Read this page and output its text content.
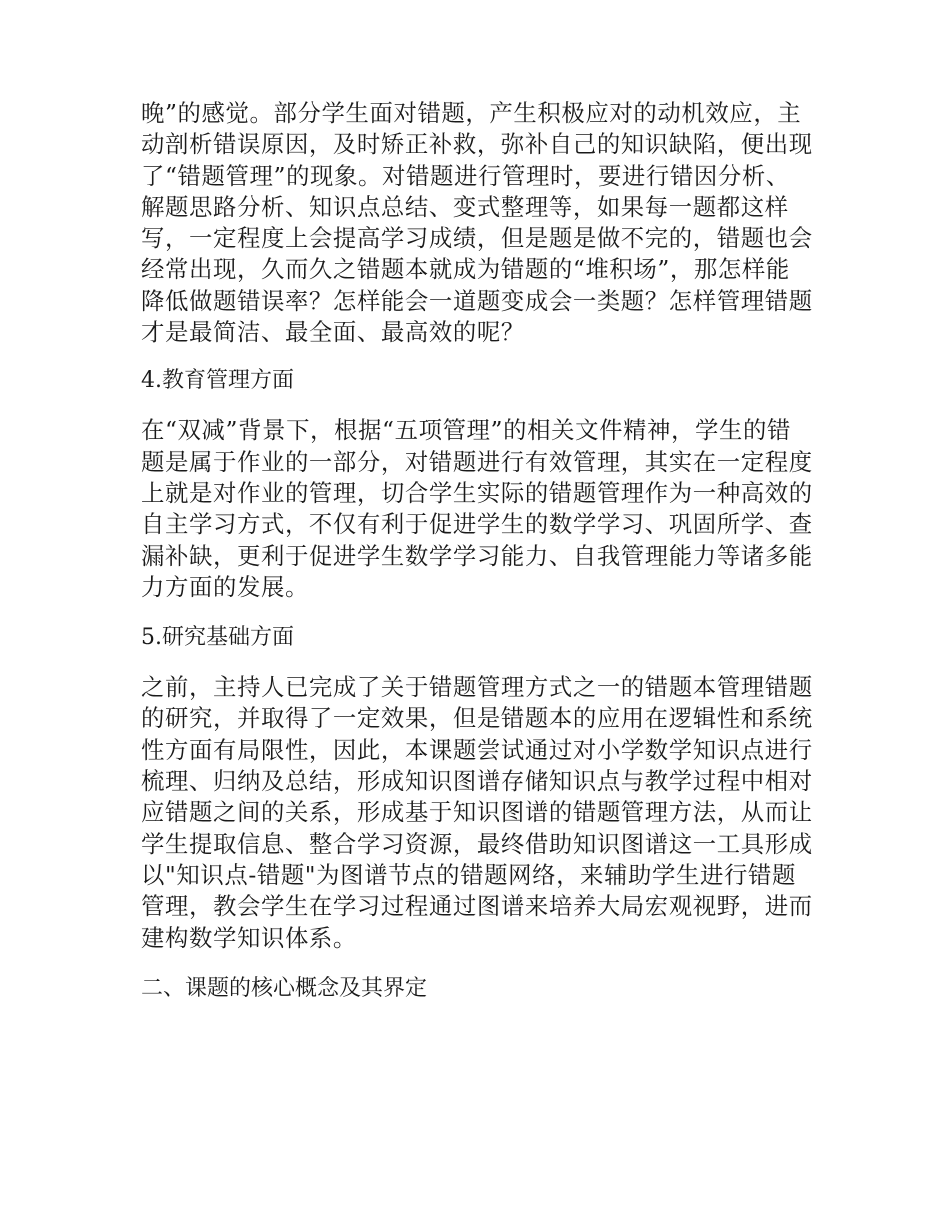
晚”的感觉。部分学生面对错题，产生积极应对的动机效应，主动剖析错误原因，及时矫正补救，弥补自己的知识缺陷，便出现了“错题管理”的现象。对错题进行管理时，要进行错因分析、解题思路分析、知识点总结、变式整理等，如果每一题都这样写，一定程度上会提高学习成绩，但是题是做不完的，错题也会经常出现，久而久之错题本就成为错题的“堆积场”，那怎样能降低做题错误率？怎样能会一道题变成会一类题？怎样管理错题才是最简洁、最全面、最高效的呢？

4.教育管理方面

在“双减”背景下，根据“五项管理”的相关文件精神，学生的错题是属于作业的一部分，对错题进行有效管理，其实在一定程度上就是对作业的管理，切合学生实际的错题管理作为一种高效的自主学习方式，不仅有利于促进学生的数学学习、巩固所学、查漏补缺，更利于促进学生数学学习能力、自我管理能力等诸多能力方面的发展。

5.研究基础方面

之前，主持人已完成了关于错题管理方式之一的错题本管理错题的研究，并取得了一定效果，但是错题本的应用在逻辑性和系统性方面有局限性，因此，本课题尝试通过对小学数学知识点进行梳理、归纳及总结，形成知识图谱存储知识点与教学过程中相对应错题之间的关系，形成基于知识图谱的错题管理方法，从而让学生提取信息、整合学习资源，最终借助知识图谱这一工具形成以"知识点-错题"为图谱节点的错题网络，来辅助学生进行错题管理，教会学生在学习过程通过图谱来培养大局宏观视野，进而建构数学知识体系。

二、课题的核心概念及其界定
